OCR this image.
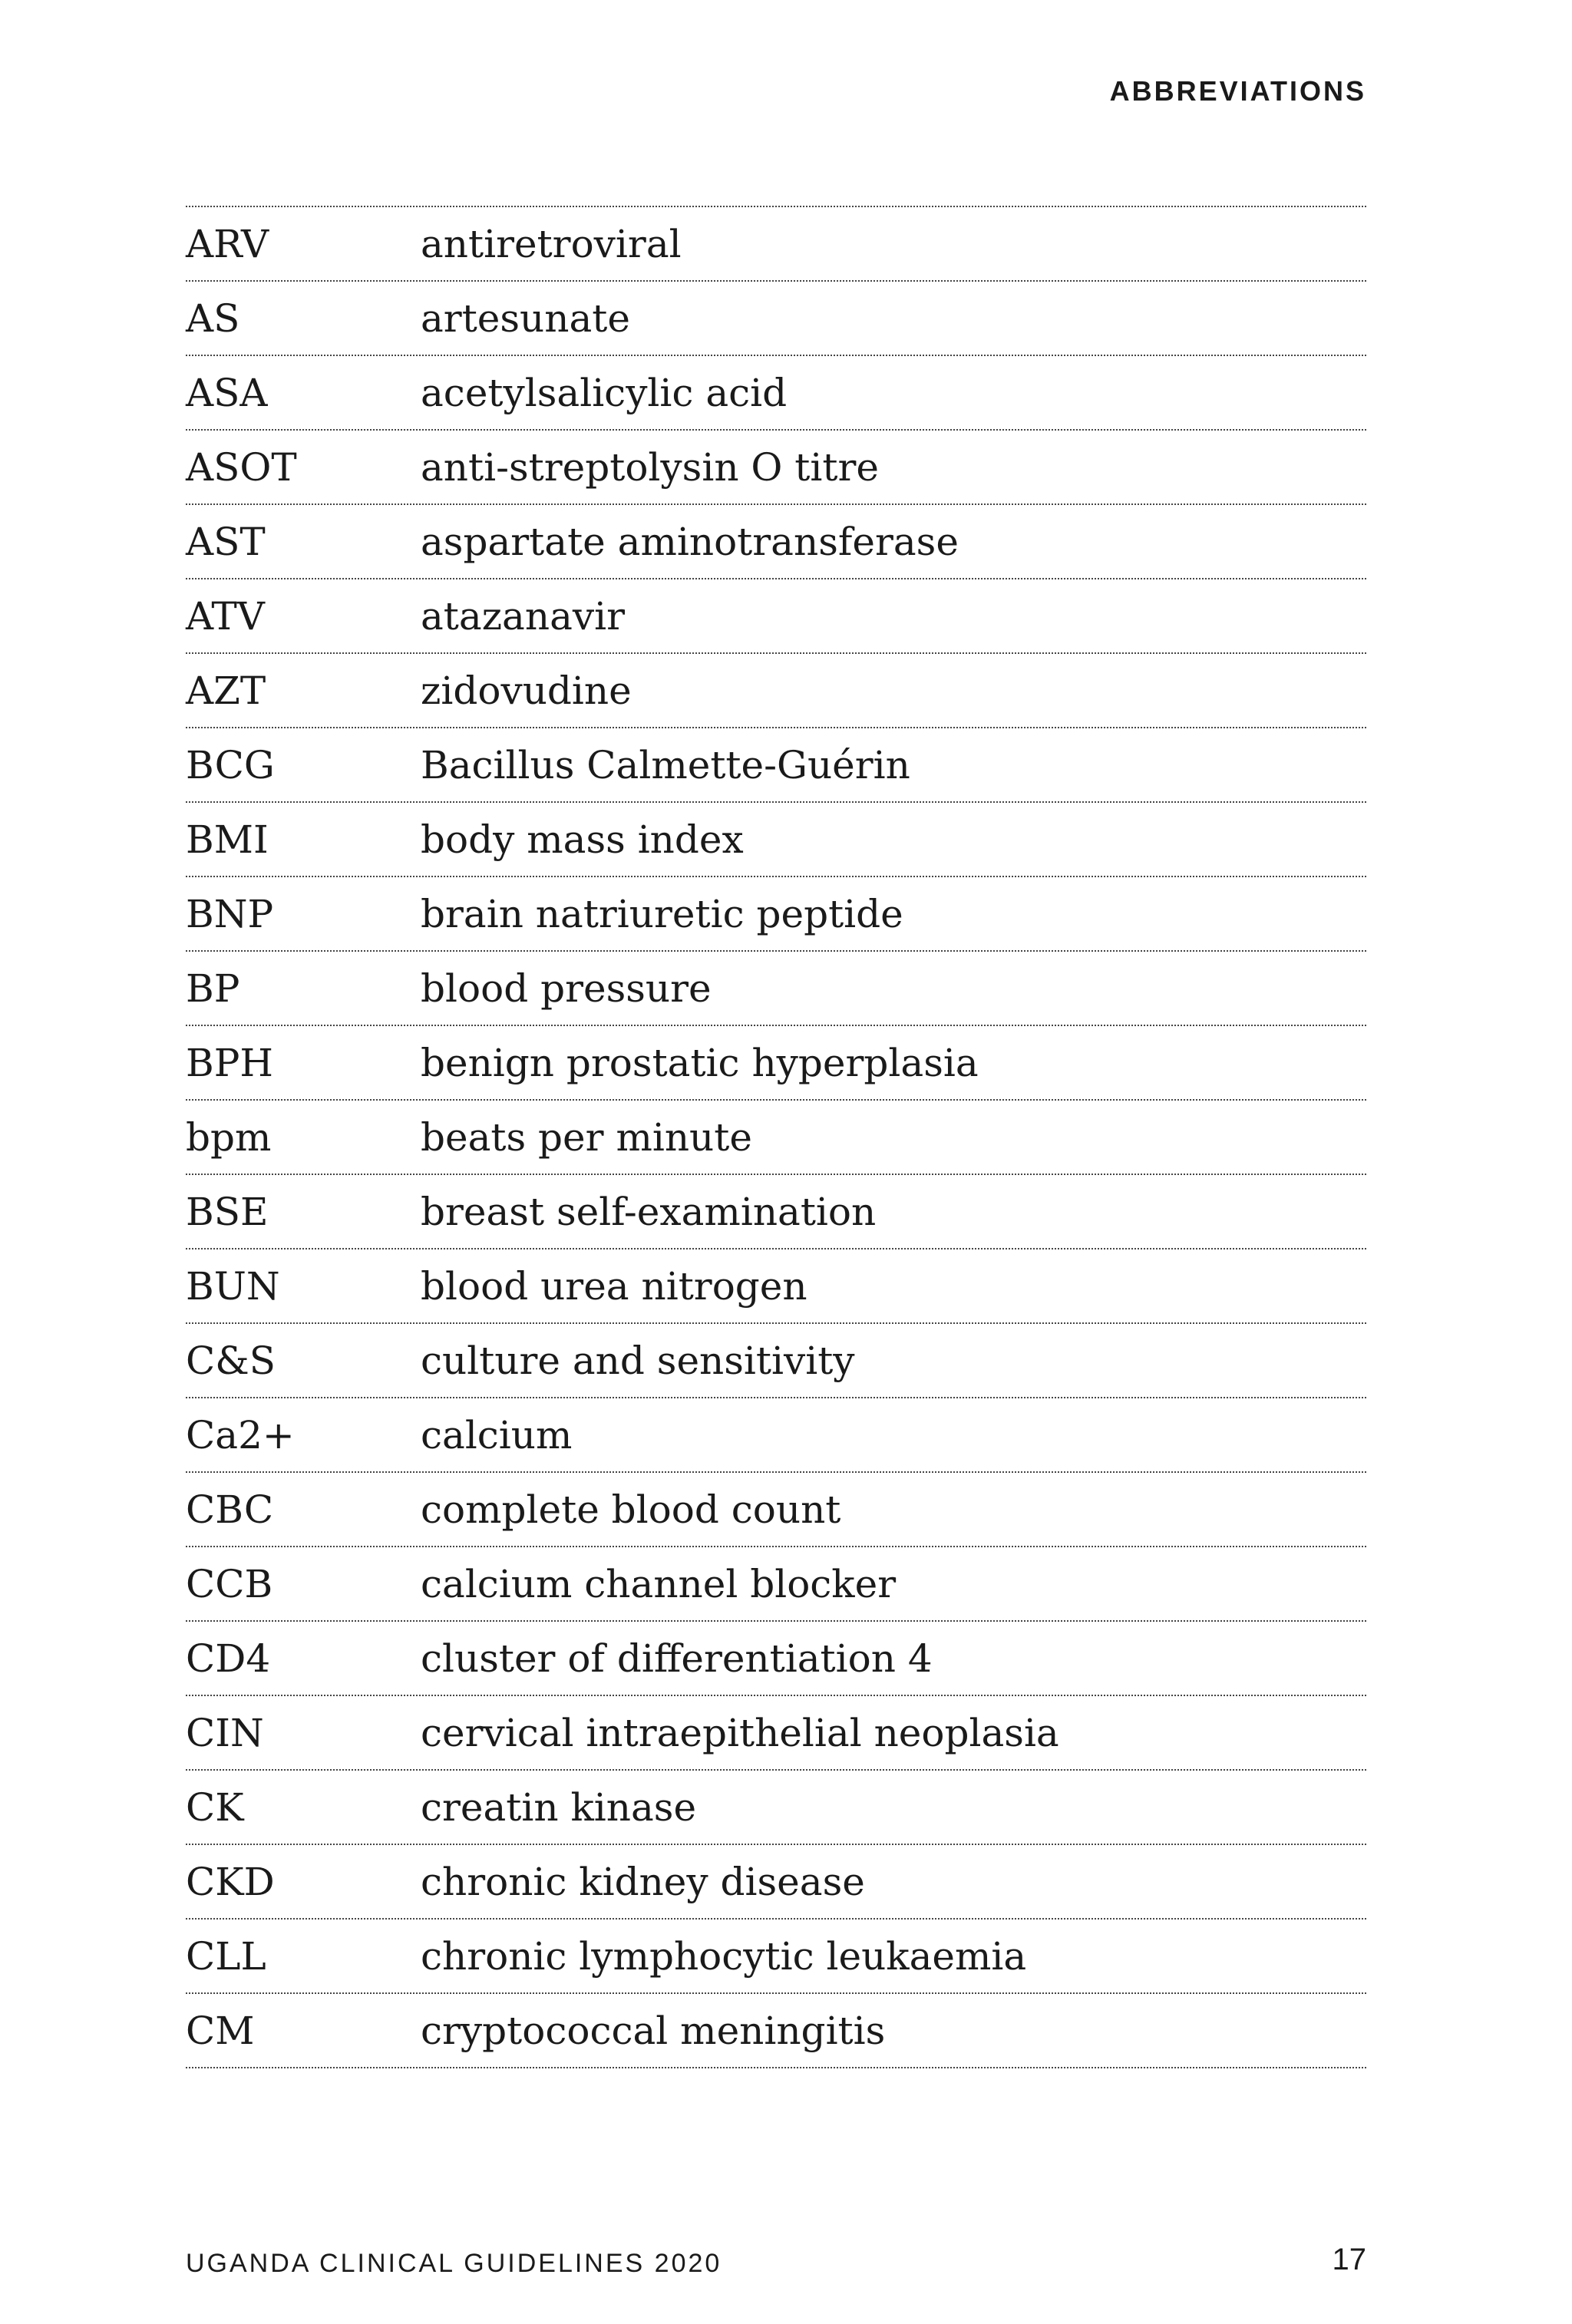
ABBREVIATIONS
ARV	antiretroviral
AS	artesunate
ASA	acetylsalicylic acid
ASOT	anti-streptolysin O titre
AST	aspartate aminotransferase
ATV	atazanavir
AZT	zidovudine
BCG	Bacillus Calmette-Guérin
BMI	body mass index
BNP	brain natriuretic peptide
BP	blood pressure
BPH	benign prostatic hyperplasia
bpm	beats per minute
BSE	breast self-examination
BUN	blood urea nitrogen
C&S	culture and sensitivity
Ca2+	calcium
CBC	complete blood count
CCB	calcium channel blocker
CD4	cluster of differentiation 4
CIN	cervical intraepithelial neoplasia
CK	creatin kinase
CKD	chronic kidney disease
CLL	chronic lymphocytic leukaemia
CM	cryptococcal meningitis
UGANDA CLINICAL GUIDELINES 2020	17
